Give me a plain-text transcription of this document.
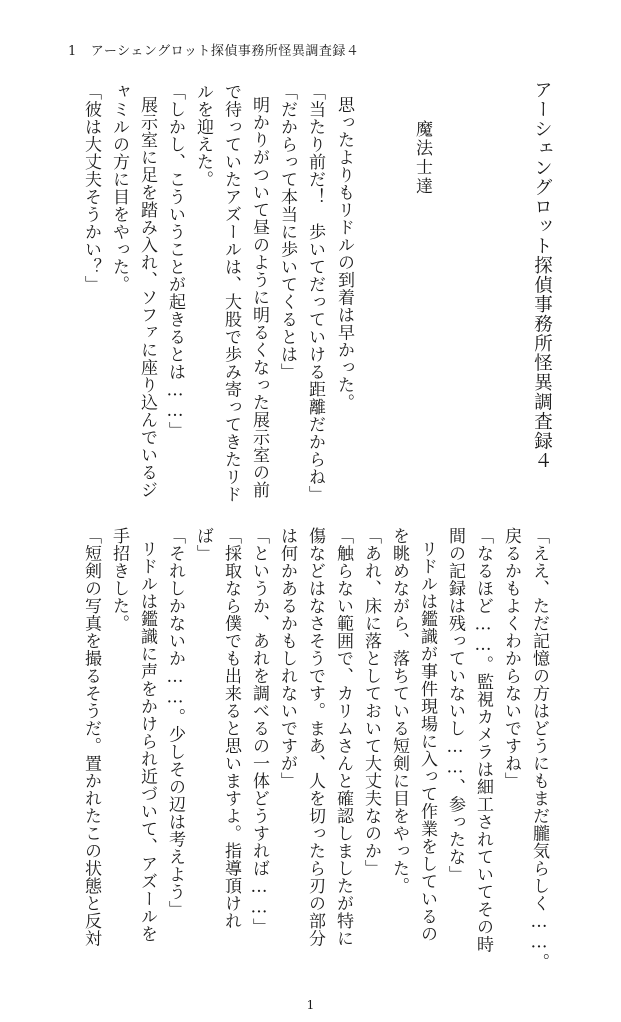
1 アーシェングロット探偵事務所怪異調査録４
アーシェングロット探偵事務所怪異調査録４
魔法士達
思ったよりもリドルの到着は早かった。
「当たり前だ！　歩いてだっていける距離だからね」
「だからって本当に歩いてくるとは」
明かりがついて昼のように明るくなった展示室の前
で待っていたアズールは、大股で歩み寄ってきたリド
ルを迎えた。
「しかし、こういうことが起きるとは……」
展示室に足を踏み入れ、ソファに座り込んでいるジ
ャミルの方に目をやった。
「彼は大丈夫そうかい？」
「ええ、ただ記憶の方はどうにもまだ朧気らしく……。
戻るかもよくわからないですね」
「なるほど……。監視カメラは細工されていてその時
間の記録は残っていないし……、参ったな」
リドルは鑑識が事件現場に入って作業をしているの
を眺めながら、落ちている短剣に目をやった。
「あれ、床に落としておいて大丈夫なのか」
「触らない範囲で、カリムさんと確認しましたが特に
傷などはなさそうです。まあ、人を切ったら刃の部分
は何かあるかもしれないですが」
「というか、あれを調べるの一体どうすれば……」
「採取なら僕でも出来ると思いますよ。指導頂けれ
ば」
「それしかないか……。少しその辺は考えよう」
リドルは鑑識に声をかけられ近づいて、アズールを
手招きした。
「短剣の写真を撮るそうだ。置かれたこの状態と反対
1
